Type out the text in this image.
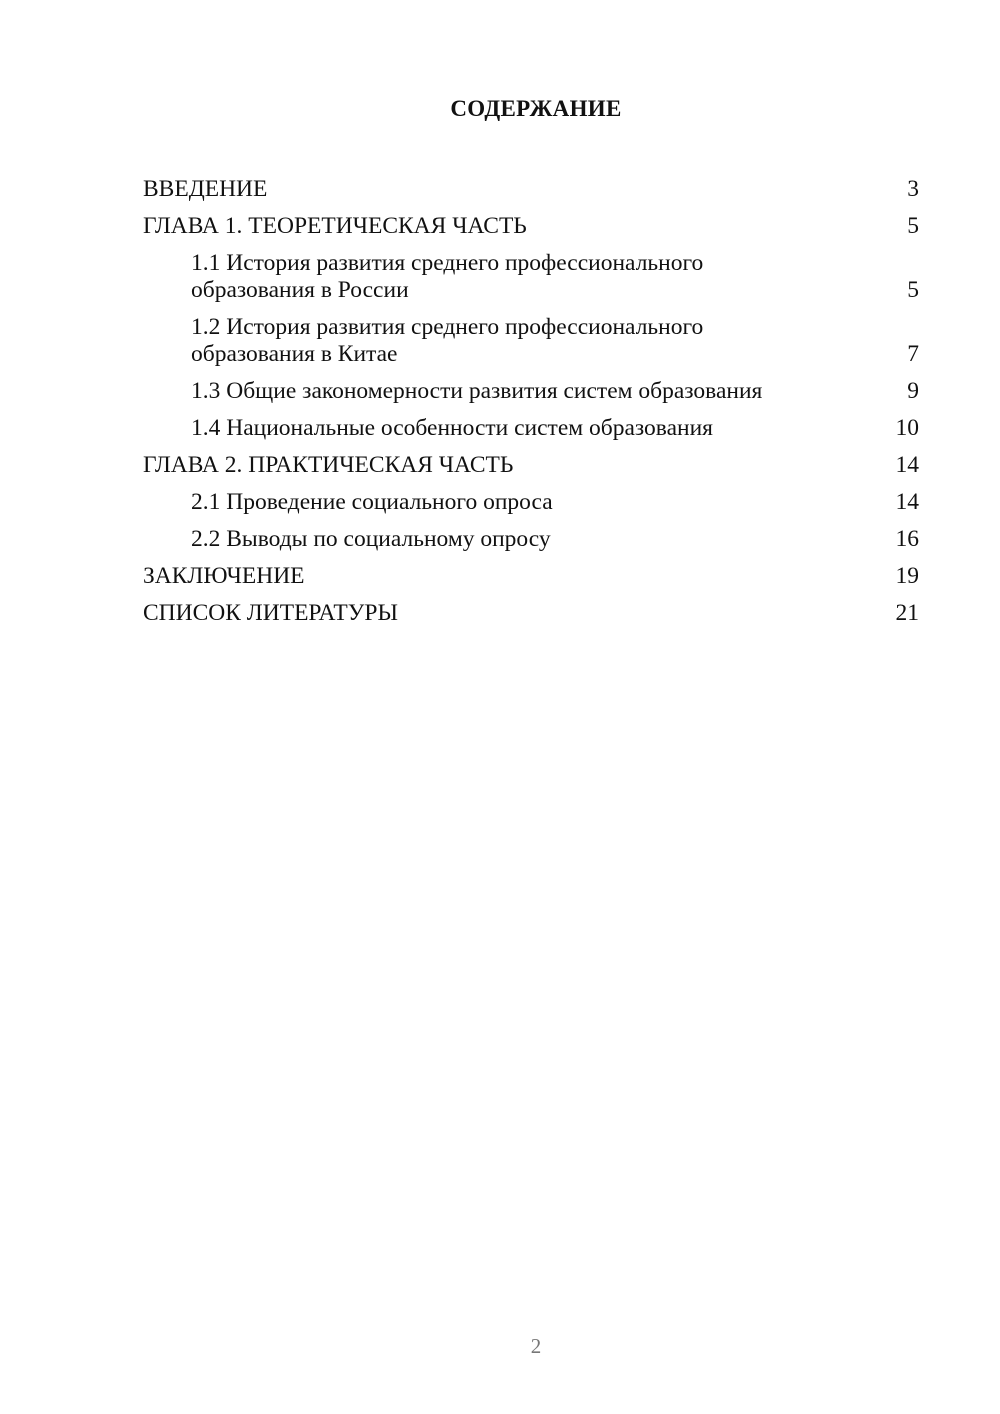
СОДЕРЖАНИЕ
ВВЕДЕНИЕ	3
ГЛАВА 1. ТЕОРЕТИЧЕСКАЯ ЧАСТЬ	5
1.1 История развития среднего профессионального образования в России	5
1.2 История развития среднего профессионального образования в Китае	7
1.3 Общие закономерности развития систем образования	9
1.4 Национальные особенности систем образования	10
ГЛАВА 2. ПРАКТИЧЕСКАЯ ЧАСТЬ	14
2.1 Проведение социального опроса	14
2.2 Выводы по социальному опросу	16
ЗАКЛЮЧЕНИЕ	19
СПИСОК ЛИТЕРАТУРЫ	21
2
